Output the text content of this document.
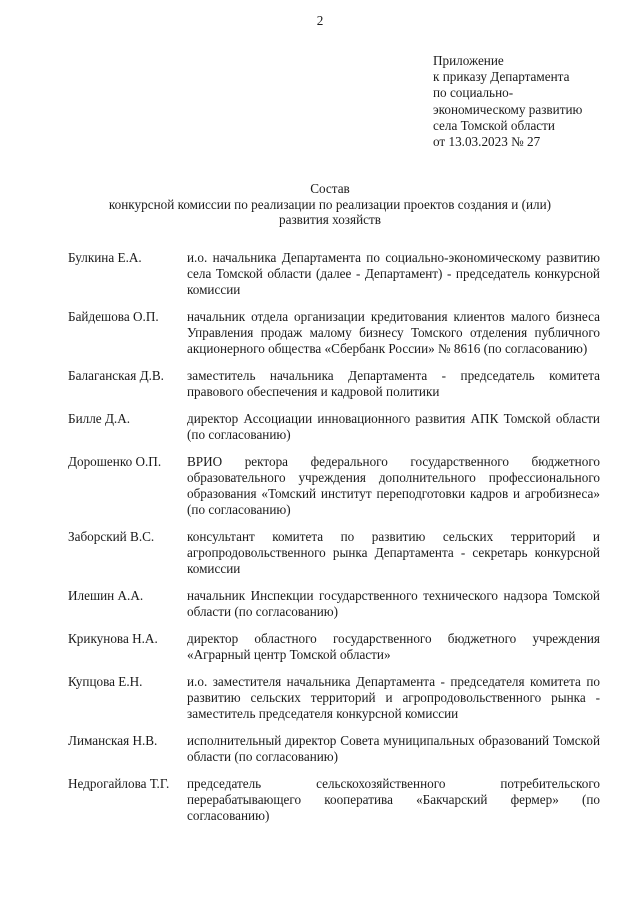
2
Приложение
к приказу Департамента
по социально-
экономическому развитию
села Томской области
от 13.03.2023 № 27
Состав
конкурсной комиссии по реализации по реализации проектов создания и (или)
развития хозяйств
Булкина Е.А.	и.о. начальника Департамента по социально-экономическому развитию села Томской области (далее - Департамент) - председатель конкурсной комиссии
Байдешова О.П.	начальник отдела организации кредитования клиентов малого бизнеса Управления продаж малому бизнесу Томского отделения публичного акционерного общества «Сбербанк России» № 8616 (по согласованию)
Балаганская Д.В.	заместитель начальника Департамента - председатель комитета правового обеспечения и кадровой политики
Билле Д.А.	директор Ассоциации инновационного развития АПК Томской области (по согласованию)
Дорошенко О.П.	ВРИО ректора федерального государственного бюджетного образовательного учреждения дополнительного профессионального образования «Томский институт переподготовки кадров и агробизнеса» (по согласованию)
Заборский В.С.	консультант комитета по развитию сельских территорий и агропродовольственного рынка Департамента - секретарь конкурсной комиссии
Илешин А.А.	начальник Инспекции государственного технического надзора Томской области (по согласованию)
Крикунова Н.А.	директор областного государственного бюджетного учреждения «Аграрный центр Томской области»
Купцова Е.Н.	и.о. заместителя начальника Департамента - председателя комитета по развитию сельских территорий и агропродовольственного рынка - заместитель председателя конкурсной комиссии
Лиманская Н.В.	исполнительный директор Совета муниципальных образований Томской области (по согласованию)
Недрогайлова Т.Г.	председатель сельскохозяйственного потребительского перерабатывающего кооператива «Бакчарский фермер» (по согласованию)
